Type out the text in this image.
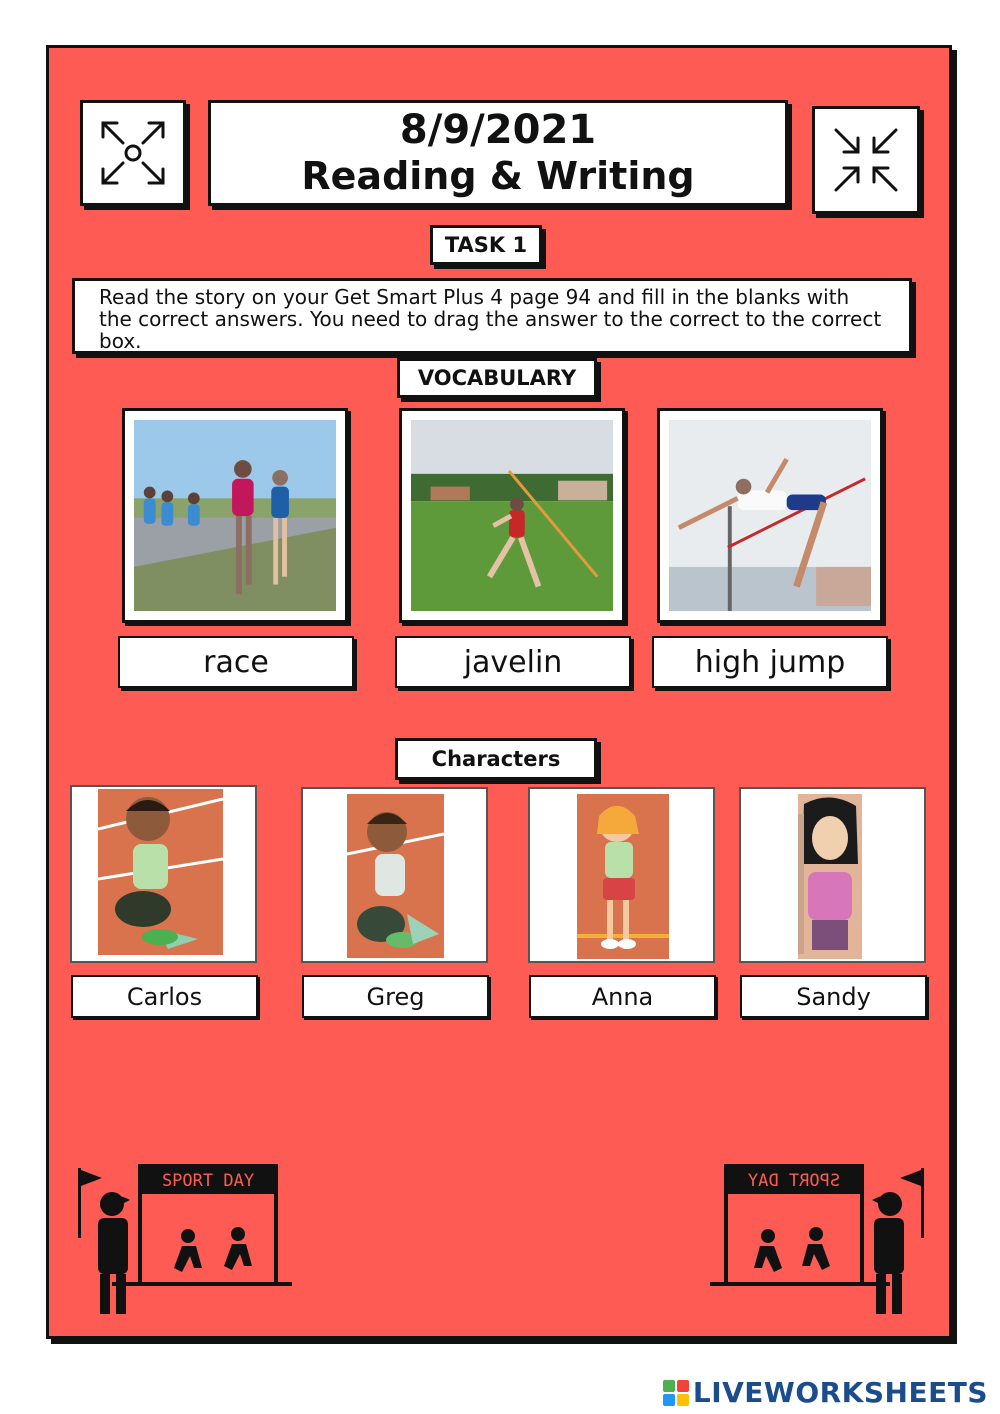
8/9/2021
Reading & Writing
TASK 1
Read the story on your Get Smart Plus 4 page 94 and fill in the blanks with the correct answers. You need to drag the answer to the correct to the correct box.
VOCABULARY
race	javelin	high jump
Characters
Carlos	Greg	Anna	Sandy
SPORT DAY	SPORT DAY
LIVEWORKSHEETS
